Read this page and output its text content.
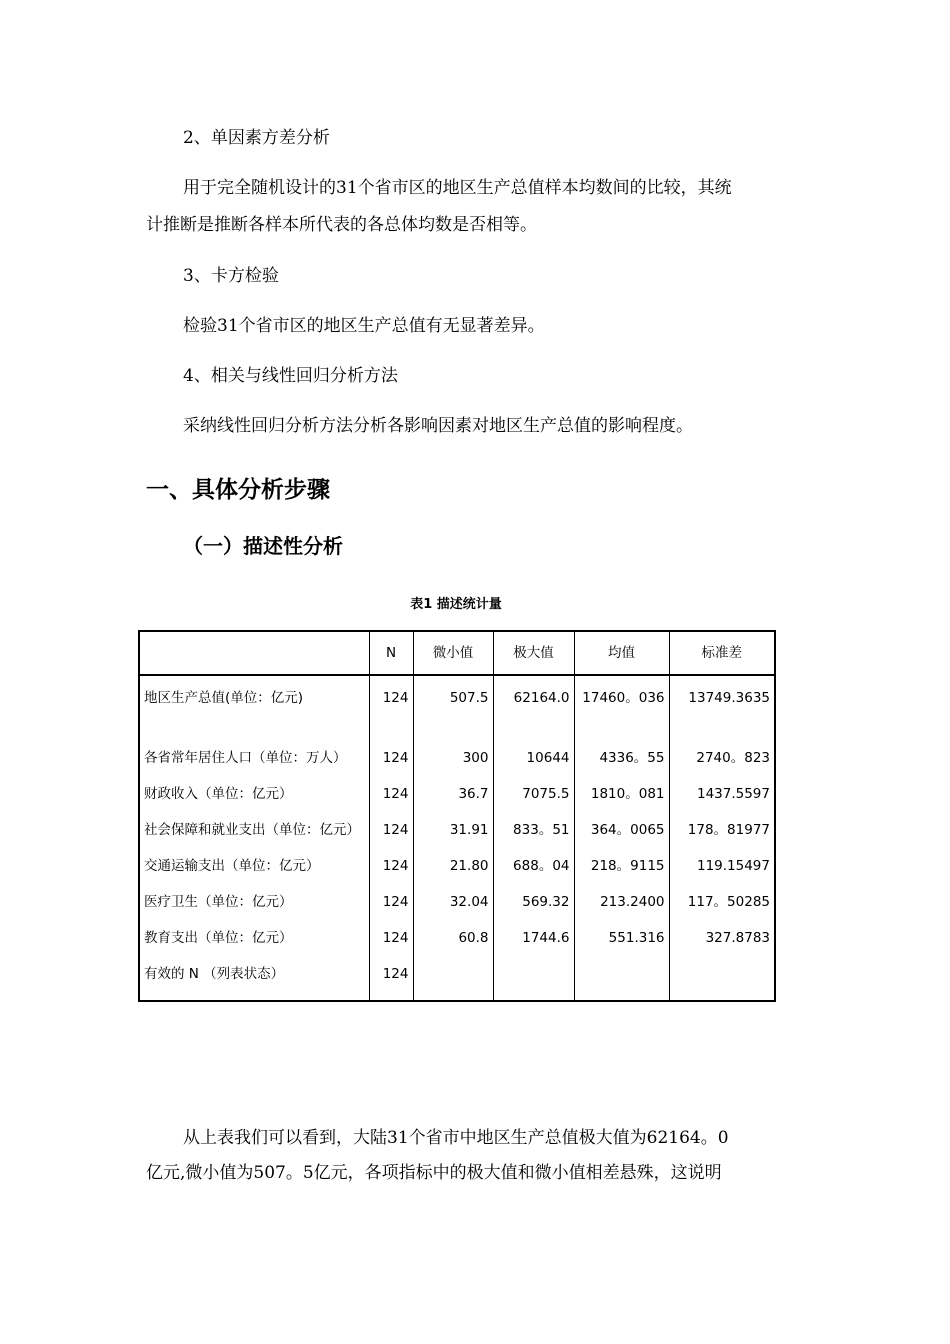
2、单因素方差分析
用于完全随机设计的31个省市区的地区生产总值样本均数间的比较，其统
计推断是推断各样本所代表的各总体均数是否相等。
3、卡方检验
检验31个省市区的地区生产总值有无显著差异。
4、相关与线性回归分析方法
采纳线性回归分析方法分析各影响因素对地区生产总值的影响程度。
一、具体分析步骤
（一）描述性分析
表1 描述统计量
	N	微小值	极大值	均值	标准差
地区生产总值(单位：亿元)	124	507.5	62164.0	17460。036	13749.3635
各省常年居住人口（单位：万人）	124	300	10644	4336。55	2740。823
财政收入（单位：亿元）	124	36.7	7075.5	1810。081	1437.5597
社会保障和就业支出（单位：亿元）	124	31.91	833。51	364。0065	178。81977
交通运输支出（单位：亿元）	124	21.80	688。04	218。9115	119.15497
医疗卫生（单位：亿元）	124	32.04	569.32	213.2400	117。50285
教育支出（单位：亿元）	124	60.8	1744.6	551.316	327.8783
有效的 N （列表状态）	124				
从上表我们可以看到，大陆31个省市中地区生产总值极大值为62164。0
亿元,微小值为507。5亿元，各项指标中的极大值和微小值相差悬殊，这说明
